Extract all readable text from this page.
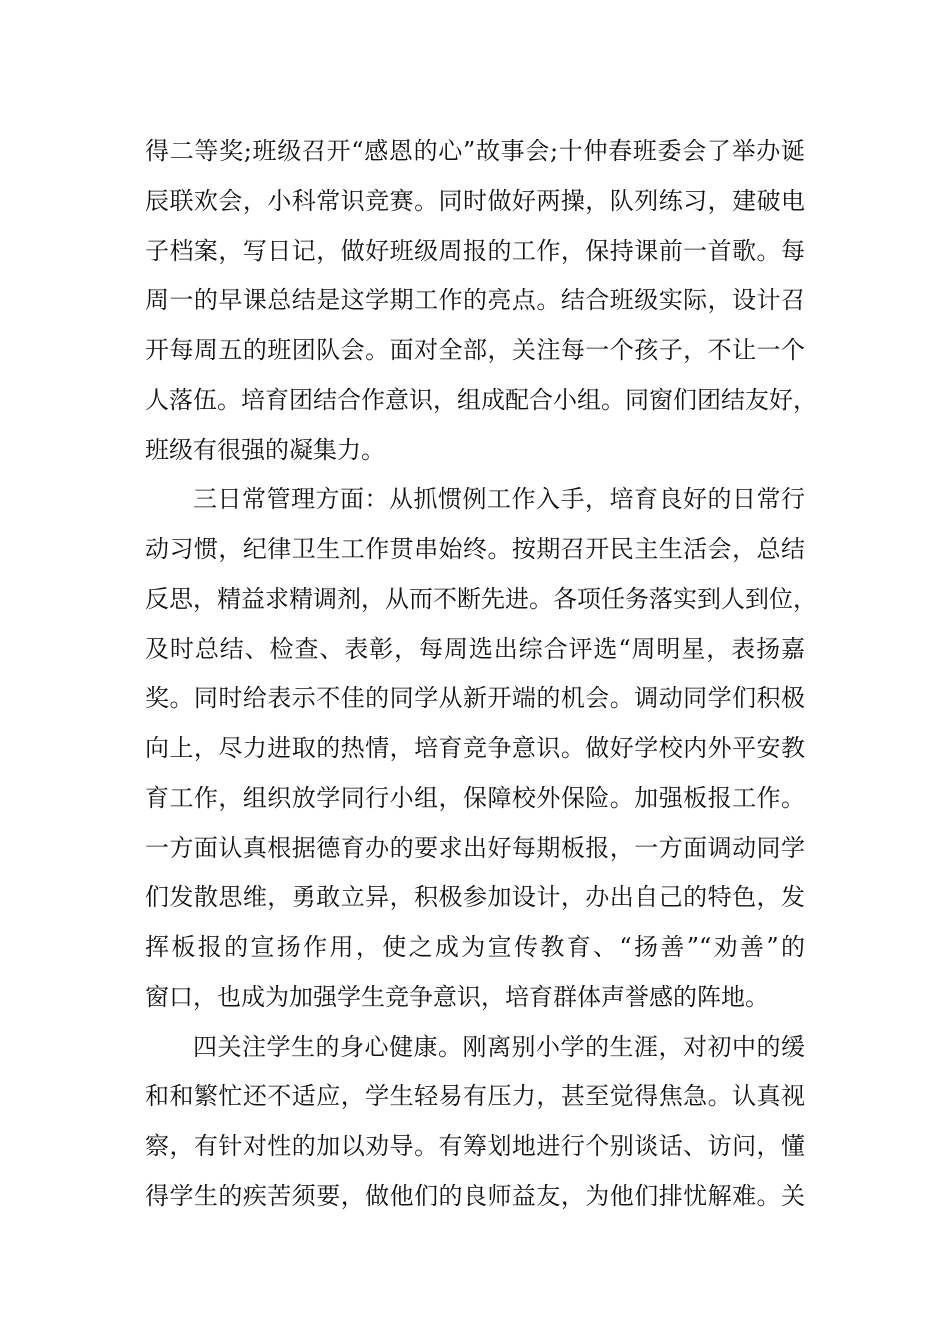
得二等奖;班级召开“感恩的心”故事会;十仲春班委会了举办诞
辰联欢会，小科常识竞赛。同时做好两操，队列练习，建破电
子档案，写日记，做好班级周报的工作，保持课前一首歌。每
周一的早课总结是这学期工作的亮点。结合班级实际，设计召
开每周五的班团队会。面对全部，关注每一个孩子，不让一个
人落伍。培育团结合作意识，组成配合小组。同窗们团结友好，
班级有很强的凝集力。
三日常管理方面：从抓惯例工作入手，培育良好的日常行
动习惯，纪律卫生工作贯串始终。按期召开民主生活会，总结
反思，精益求精调剂，从而不断先进。各项任务落实到人到位，
及时总结、检查、表彰，每周选出综合评选“周明星，表扬嘉
奖。同时给表示不佳的同学从新开端的机会。调动同学们积极
向上，尽力进取的热情，培育竞争意识。做好学校内外平安教
育工作，组织放学同行小组，保障校外保险。加强板报工作。
一方面认真根据德育办的要求出好每期板报，一方面调动同学
们发散思维，勇敢立异，积极参加设计，办出自己的特色，发
挥板报的宣扬作用，使之成为宣传教育、“扬善”“劝善”的
窗口，也成为加强学生竞争意识，培育群体声誉感的阵地。
四关注学生的身心健康。刚离别小学的生涯，对初中的缓
和和繁忙还不适应，学生轻易有压力，甚至觉得焦急。认真视
察，有针对性的加以劝导。有筹划地进行个别谈话、访问，懂
得学生的疾苦须要，做他们的良师益友，为他们排忧解难。关
